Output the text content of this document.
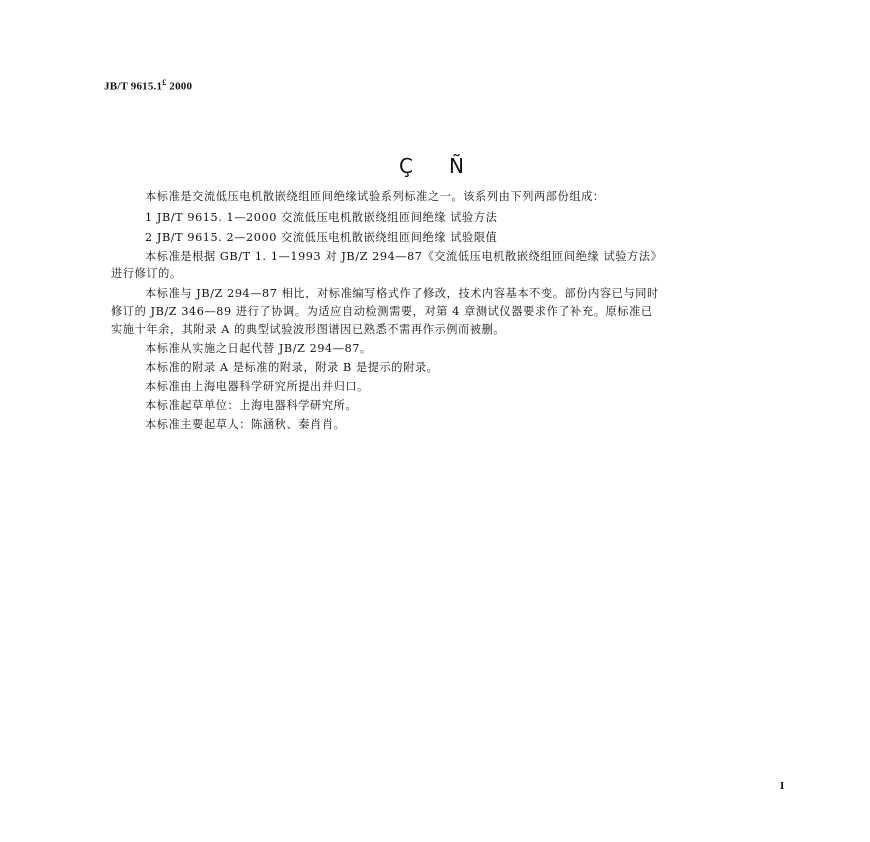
JB/T 9615.1£ 2000
Ç Ñ
本标准是交流低压电机散嵌绕组匝间绝缘试验系列标准之一。该系列由下列两部份组成：
1 JB/T 9615. 1—2000 交流低压电机散嵌绕组匝间绝缘 试验方法
2 JB/T 9615. 2—2000 交流低压电机散嵌绕组匝间绝缘 试验限值
本标准是根据 GB/T 1. 1—1993 对 JB/Z 294—87《交流低压电机散嵌绕组匝间绝缘 试验方法》
进行修订的。
本标准与 JB/Z 294—87 相比，对标准编写格式作了修改，技术内容基本不变。部份内容已与同时
修订的 JB/Z 346—89 进行了协调。为适应自动检测需要，对第 4 章测试仪器要求作了补充。原标准已
实施十年余，其附录 A 的典型试验波形图谱因已熟悉不需再作示例而被删。
本标准从实施之日起代替 JB/Z 294—87。
本标准的附录 A 是标准的附录，附录 B 是提示的附录。
本标准由上海电器科学研究所提出并归口。
本标准起草单位：上海电器科学研究所。
本标准主要起草人：陈涵秋、秦肖肖。
I
